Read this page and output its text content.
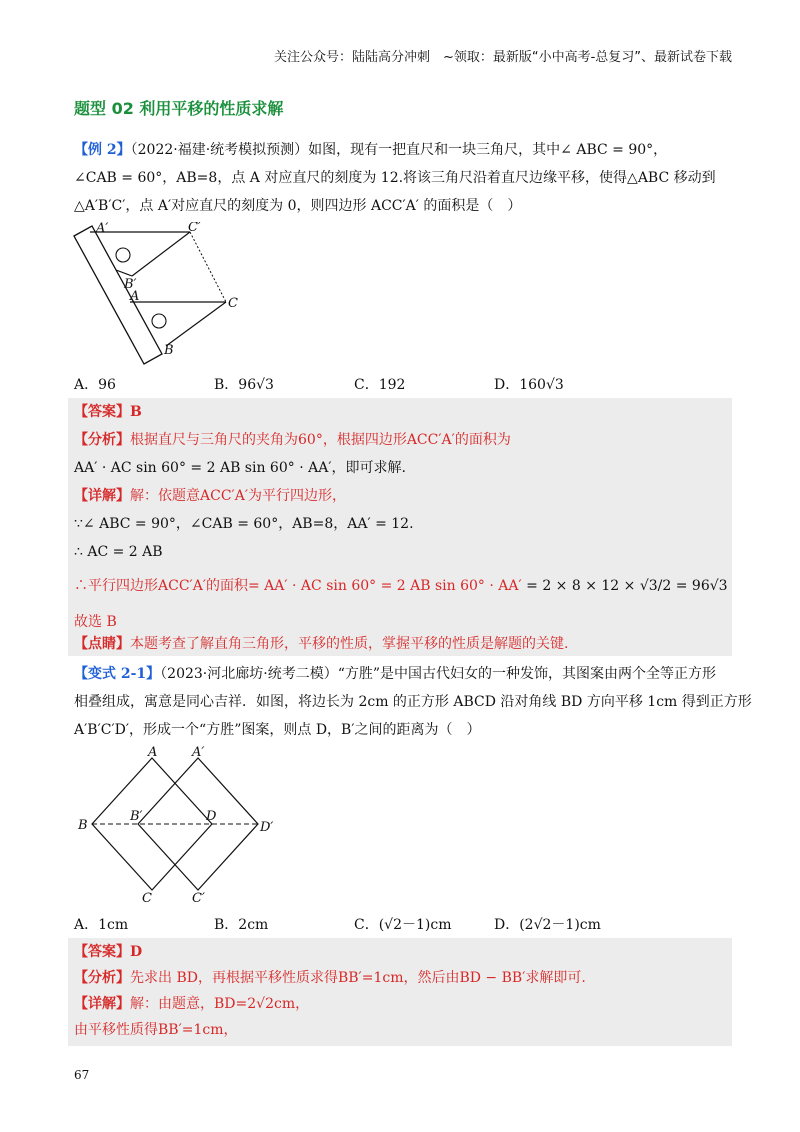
关注公众号：陆陆高分冲刺　~领取：最新版“小中高考-总复习”、最新试卷下载
题型 02 利用平移的性质求解
【例 2】（2022·福建·统考模拟预测）如图，现有一把直尺和一块三角尺，其中∠ ABC = 90°，
∠CAB = 60°，AB=8，点 A 对应直尺的刻度为 12.将该三角尺沿着直尺边缘平移，使得△ABC 移动到
△A′B′C′，点 A′对应直尺的刻度为 0，则四边形 ACC′A′ 的面积是（　）
A′	C′
B′
A	C
B
A．96	B．96√3	C．192	D．160√3
【答案】B
【分析】根据直尺与三角尺的夹角为60°，根据四边形ACC′A′的面积为
AA′ · AC sin 60° = 2 AB sin 60° · AA′，即可求解.
【详解】解：依题意ACC′A′为平行四边形，
∵∠ ABC = 90°，∠CAB = 60°，AB=8，AA′ = 12.
∴ AC = 2 AB
∴平行四边形ACC′A′的面积= AA′ · AC sin 60° = 2 AB sin 60° · AA′ = 2 × 8 × 12 × √3/2 = 96√3
故选 B
【点睛】本题考查了解直角三角形，平移的性质，掌握平移的性质是解题的关键.
【变式 2-1】（2023·河北廊坊·统考二模）“方胜”是中国古代妇女的一种发饰，其图案由两个全等正方形
相叠组成，寓意是同心吉祥．如图，将边长为 2cm 的正方形 ABCD 沿对角线 BD 方向平移 1cm 得到正方形
A′B′C′D′，形成一个“方胜”图案，则点 D，B′之间的距离为（　）
A	A′
B
B′	D
D′
C	C′
A．1cm	B．2cm	C．(√2－1)cm	D．(2√2－1)cm
【答案】D
【分析】先求出 BD，再根据平移性质求得BB′=1cm，然后由BD − BB′求解即可.
【详解】解：由题意，BD=2√2cm，
由平移性质得BB′=1cm，
67
